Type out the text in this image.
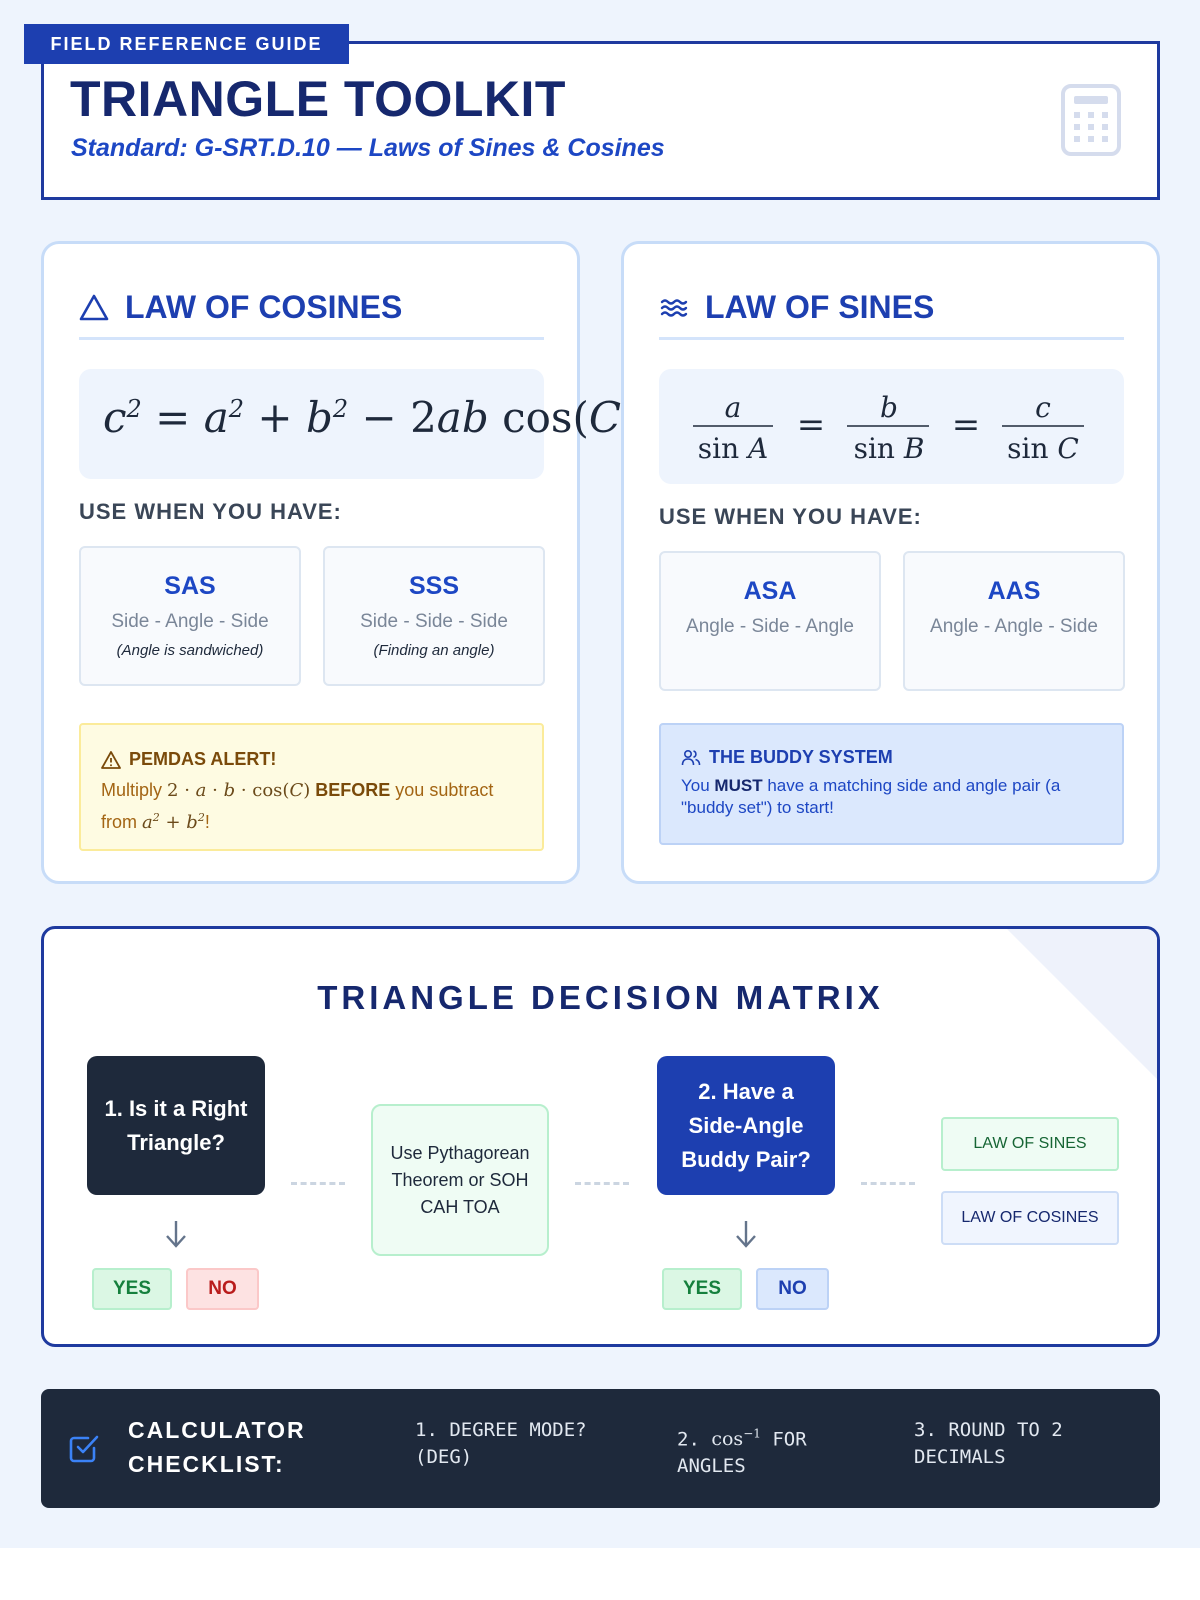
FIELD REFERENCE GUIDE
TRIANGLE TOOLKIT
Standard: G-SRT.D.10 — Laws of Sines & Cosines
LAW OF COSINES
$c^2 = a^2 + b^2 - 2ab$ cos(C
USE WHEN YOU HAVE:
SAS
Side - Angle - Side
(Angle is sandwiched)
SSS
Side - Side - Side
(Finding an angle)
PEMDAS ALERT!
Multiply 2 · a · b · cos(C) BEFORE you subtract
from $a^2 + b^2$!
LAW OF SINES
a
sin A
= b
sin B
= c
sin C
USE WHEN YOU HAVE:
ASA
Angle - Side - Angle
AAS
Angle - Angle - Side
THE BUDDY SYSTEM
You MUST have a matching side and angle pair (a "buddy set") to start!
TRIANGLE DECISION MATRIX
1. Is it a Right Triangle?	Use Pythagorean Theorem or SOH CAH TOA
2. Have a Side-Angle Buddy Pair?
YES	NO	YES	NO
LAW OF SINES
LAW OF COSINES
CALCULATOR CHECKLIST:
1. DEGREE MODE? (DEG)
2. $\cos^{-1}$ FOR ANGLES
3. ROUND TO 2 DECIMALS
